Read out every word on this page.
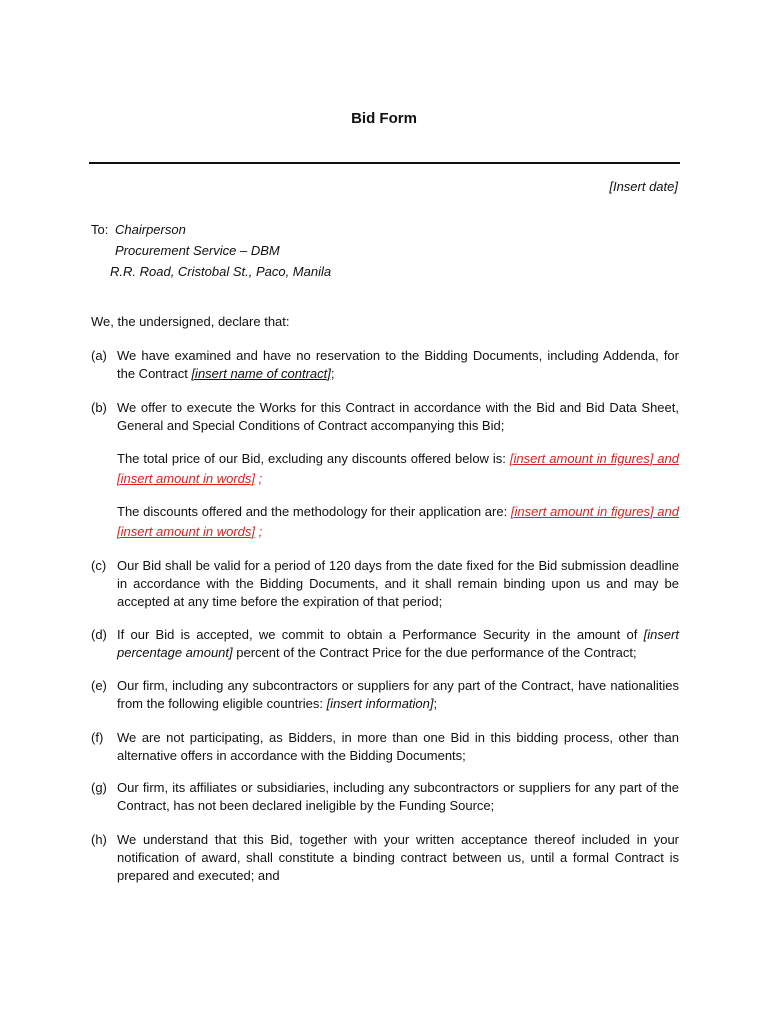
Bid Form
[Insert date]
To: Chairperson
Procurement Service – DBM
R.R. Road, Cristobal St., Paco, Manila
We, the undersigned, declare that:
(a) We have examined and have no reservation to the Bidding Documents, including Addenda, for the Contract [insert name of contract];
(b) We offer to execute the Works for this Contract in accordance with the Bid and Bid Data Sheet, General and Special Conditions of Contract accompanying this Bid;
The total price of our Bid, excluding any discounts offered below is: [insert amount in figures] and [insert amount in words] ;
The discounts offered and the methodology for their application are: [insert amount in figures] and [insert amount in words] ;
(c) Our Bid shall be valid for a period of 120 days from the date fixed for the Bid submission deadline in accordance with the Bidding Documents, and it shall remain binding upon us and may be accepted at any time before the expiration of that period;
(d) If our Bid is accepted, we commit to obtain a Performance Security in the amount of [insert percentage amount] percent of the Contract Price for the due performance of the Contract;
(e) Our firm, including any subcontractors or suppliers for any part of the Contract, have nationalities from the following eligible countries: [insert information];
(f)	We are not participating, as Bidders, in more than one Bid in this bidding process, other than alternative offers in accordance with the Bidding Documents;
(g) Our firm, its affiliates or subsidiaries, including any subcontractors or suppliers for any part of the Contract, has not been declared ineligible by the Funding Source;
(h) We understand that this Bid, together with your written acceptance thereof included in your notification of award, shall constitute a binding contract between us, until a formal Contract is prepared and executed; and
